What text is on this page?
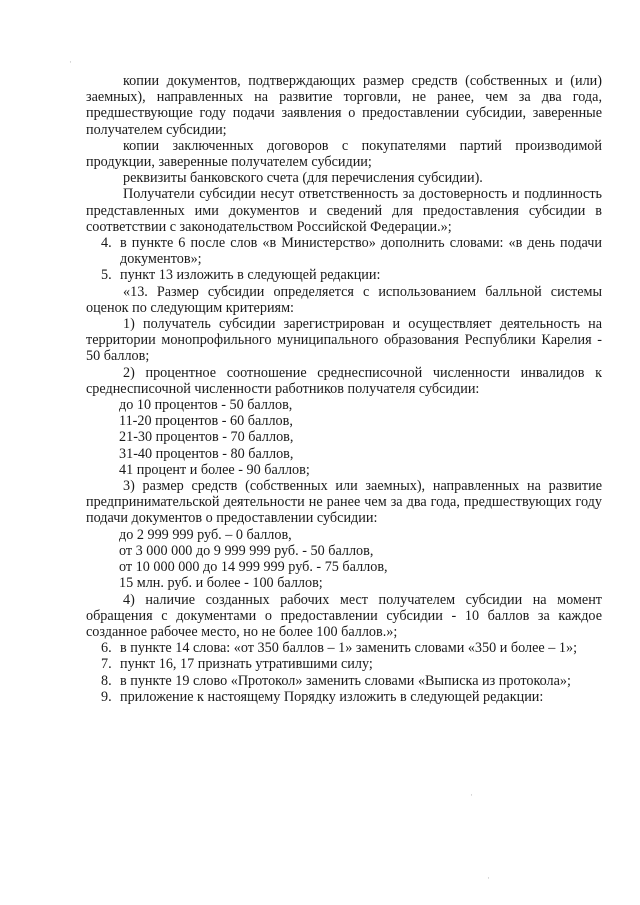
·
·
·

копии документов, подтверждающих размер средств (собственных и (или) заемных), направленных на развитие торговли, не ранее, чем за два года, предшествующие году подачи заявления о предоставлении субсидии, заверенные получателем субсидии;

копии заключенных договоров с покупателями партий производимой продукции, заверенные получателем субсидии;

реквизиты банковского счета (для перечисления субсидии).

Получатели субсидии несут ответственность за достоверность и подлинность представленных ими документов и сведений для предоставления субсидии в соответствии с законодательством Российской Федерации.»;

4. в пункте 6 после слов «в Министерство» дополнить словами: «в день подачи документов»;
5. пункт 13 изложить в следующей редакции:

«13. Размер субсидии определяется с использованием балльной системы оценок по следующим критериям:

1) получатель субсидии зарегистрирован и осуществляет деятельность на территории монопрофильного муниципального образования Республики Карелия - 50 баллов;

2) процентное соотношение среднесписочной численности инвалидов к среднесписочной численности работников получателя субсидии:

до 10 процентов - 50 баллов,

11-20 процентов - 60 баллов,

21-30 процентов - 70 баллов,

31-40 процентов - 80 баллов,

41 процент и более - 90 баллов;

3) размер средств (собственных или заемных), направленных на развитие предпринимательской деятельности не ранее чем за два года, предшествующих году подачи документов о предоставлении субсидии:

до 2 999 999 руб. – 0 баллов,

от 3 000 000 до 9 999 999 руб. - 50 баллов,

от 10 000 000 до 14 999 999 руб. - 75 баллов,

15 млн. руб. и более - 100 баллов;

4) наличие созданных рабочих мест получателем субсидии на момент обращения с документами о предоставлении субсидии - 10 баллов за каждое созданное рабочее место, но не более 100 баллов.»;

6. в пункте 14 слова: «от 350 баллов – 1» заменить словами «350 и более – 1»;
7. пункт 16, 17 признать утратившими силу;
8. в пункте 19 слово «Протокол» заменить словами «Выписка из протокола»;
9. приложение к настоящему Порядку изложить в следующей редакции:
